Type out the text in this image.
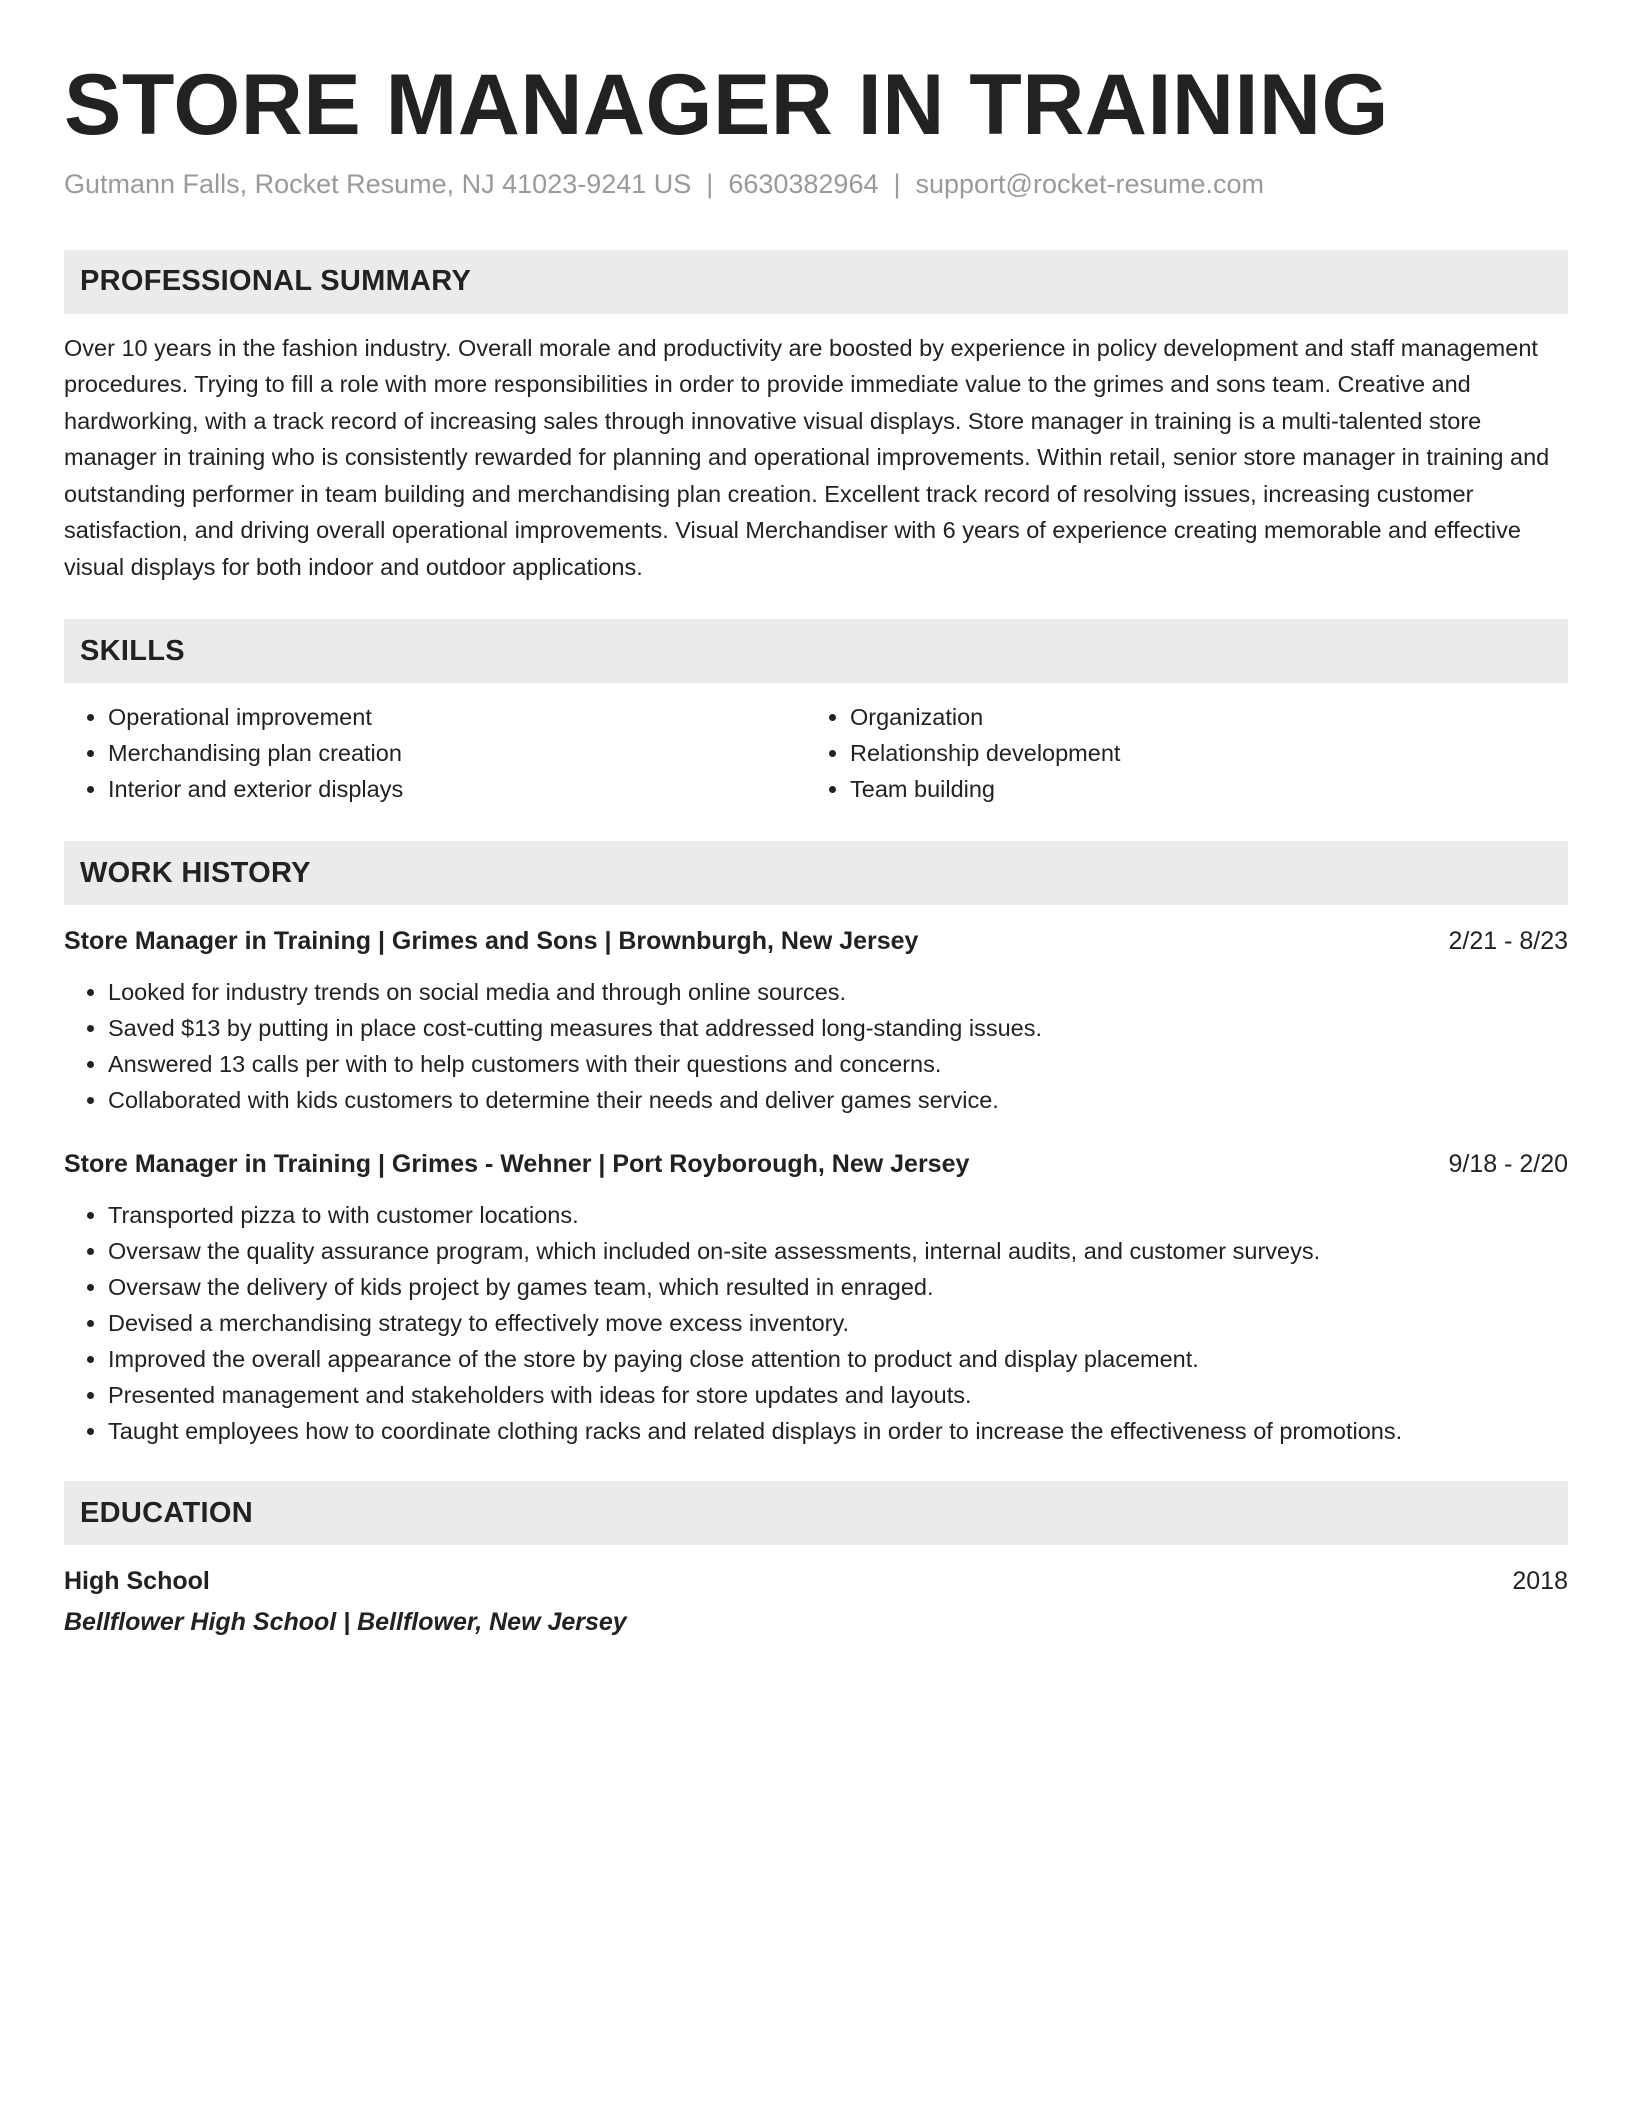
STORE MANAGER IN TRAINING
Gutmann Falls, Rocket Resume, NJ 41023-9241 US | 6630382964 | support@rocket-resume.com
PROFESSIONAL SUMMARY

Over 10 years in the fashion industry. Overall morale and productivity are boosted by experience in policy development and staff management procedures. Trying to fill a role with more responsibilities in order to provide immediate value to the grimes and sons team. Creative and hardworking, with a track record of increasing sales through innovative visual displays. Store manager in training is a multi-talented store manager in training who is consistently rewarded for planning and operational improvements. Within retail, senior store manager in training and outstanding performer in team building and merchandising plan creation. Excellent track record of resolving issues, increasing customer satisfaction, and driving overall operational improvements. Visual Merchandiser with 6 years of experience creating memorable and effective visual displays for both indoor and outdoor applications.

SKILLS
• Operational improvement
• Merchandising plan creation
• Interior and exterior displays
• Organization
• Relationship development
• Team building
WORK HISTORY
Store Manager in Training | Grimes and Sons | Brownburgh, New Jersey	2/21 - 8/23
• Looked for industry trends on social media and through online sources.
• Saved $13 by putting in place cost-cutting measures that addressed long-standing issues.
• Answered 13 calls per with to help customers with their questions and concerns.
• Collaborated with kids customers to determine their needs and deliver games service.
Store Manager in Training | Grimes - Wehner | Port Royborough, New Jersey	9/18 - 2/20
• Transported pizza to with customer locations.
• Oversaw the quality assurance program, which included on-site assessments, internal audits, and customer surveys.
• Oversaw the delivery of kids project by games team, which resulted in enraged.
• Devised a merchandising strategy to effectively move excess inventory.
• Improved the overall appearance of the store by paying close attention to product and display placement.
• Presented management and stakeholders with ideas for store updates and layouts.
• Taught employees how to coordinate clothing racks and related displays in order to increase the effectiveness of promotions.
EDUCATION
High School	2018
Bellflower High School | Bellflower, New Jersey
